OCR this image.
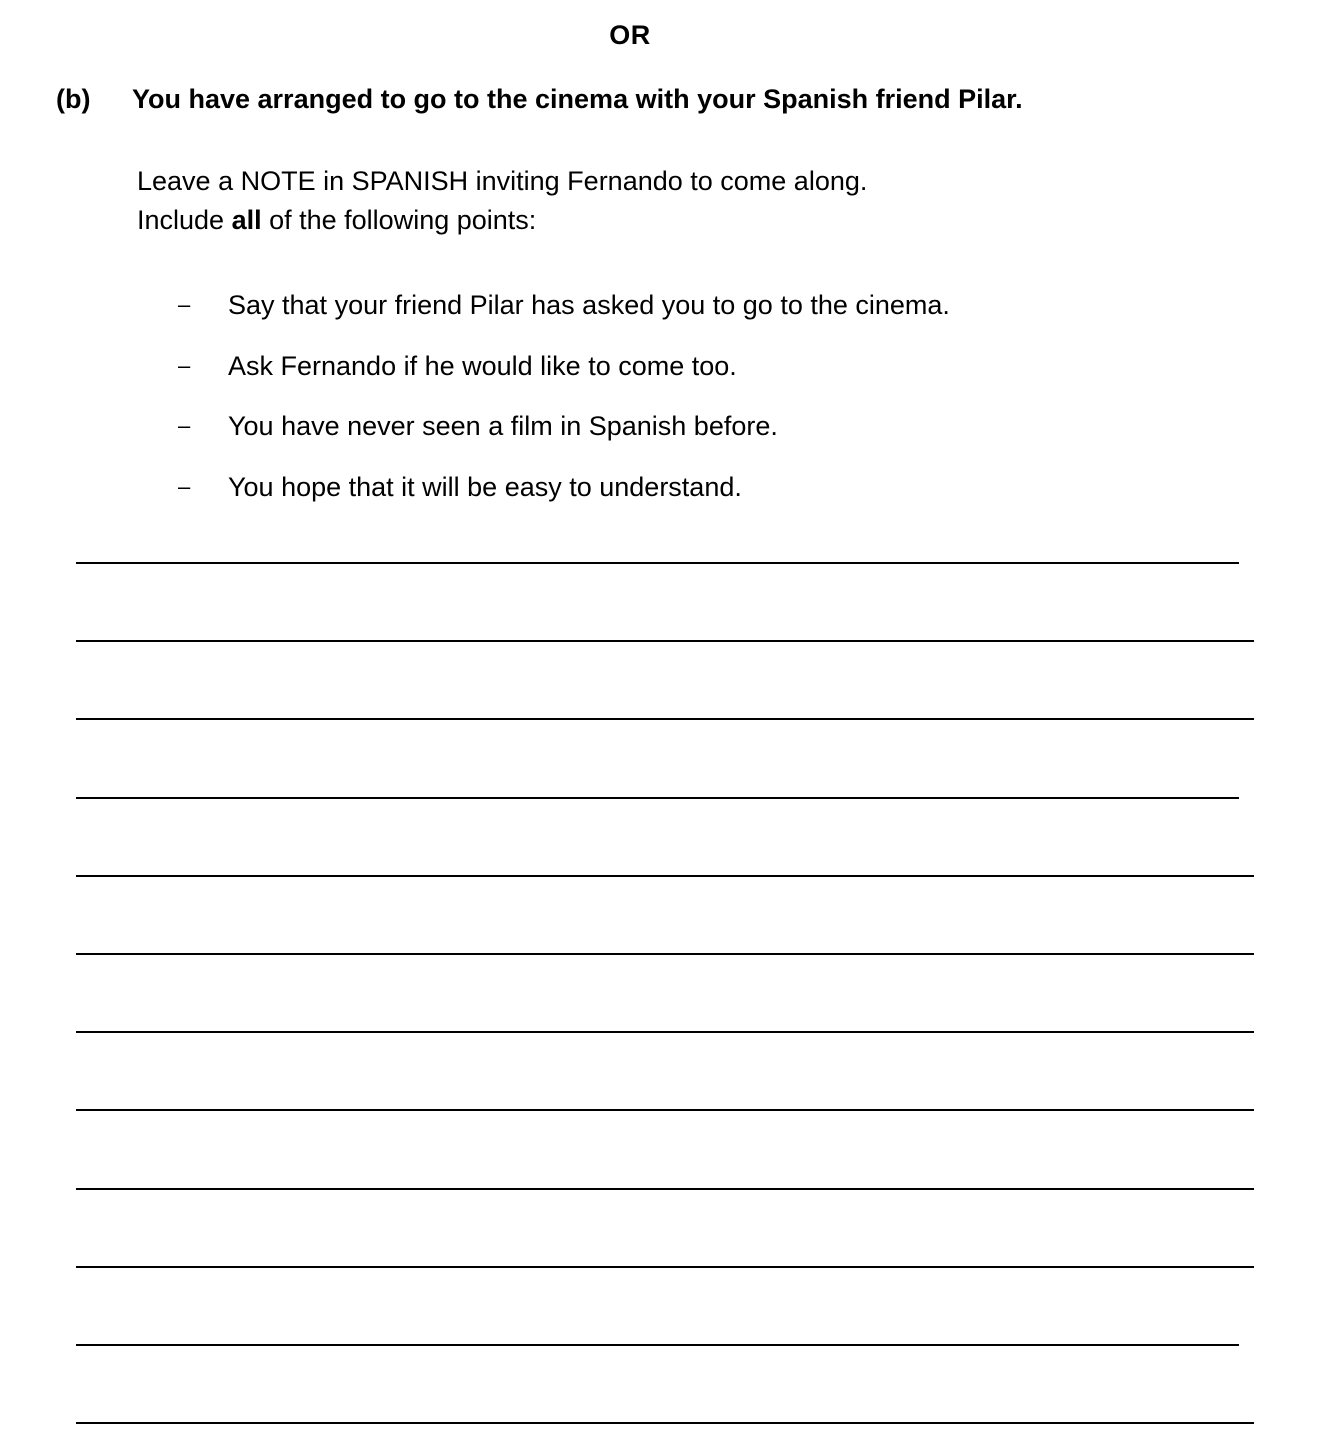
OR
(b) You have arranged to go to the cinema with your Spanish friend Pilar.
Leave a NOTE in SPANISH inviting Fernando to come along.
Include all of the following points:
– Say that your friend Pilar has asked you to go to the cinema.
– Ask Fernando if he would like to come too.
– You have never seen a film in Spanish before.
– You hope that it will be easy to understand.
